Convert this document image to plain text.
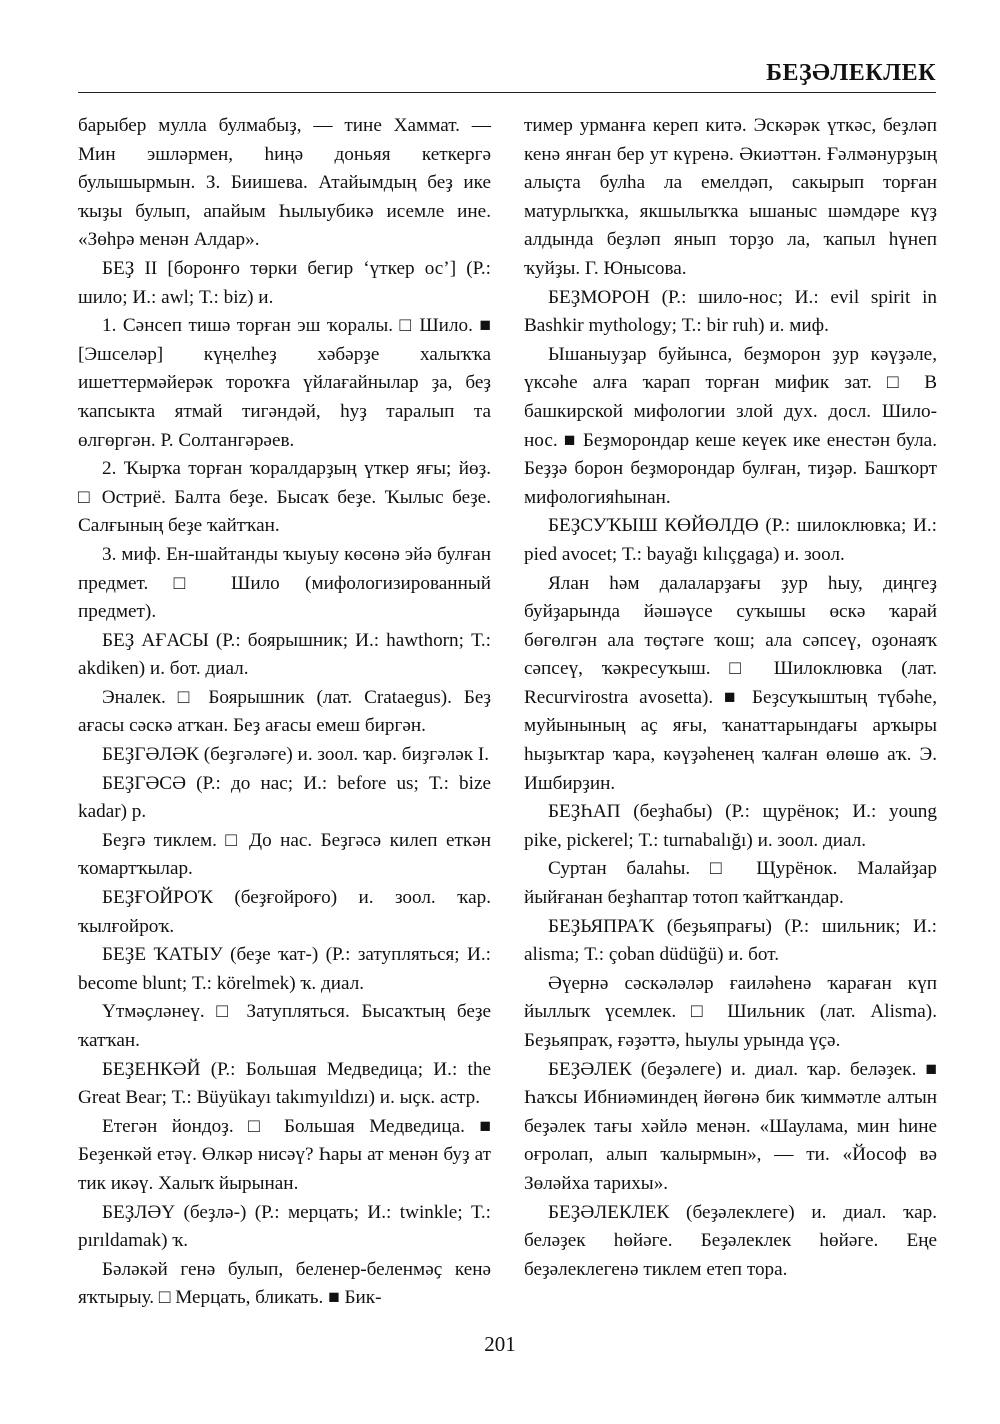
БЕҘӘЛЕКЛЕК

барыбер мулла булмабыҙ, — тине Хаммат. — Мин эшләрмен, һиңә доньяя кеткергә булышырмын. З. Биишева. Атайымдың беҙ ике ҡыҙы булып, апайым Һылыубикә исемле ине. «Зөһрә менән Алдар».

БЕҘ II [боронғо төрки бегир ‘үткер ос’] (Р.: шило; И.: awl; Т.: biz) и.

1. Сәнсеп тишә торған эш ҡоралы. □ Шило. ■ [Эшселәр] күңелһеҙ хәбәрҙе халыҡҡа ишеттермәйерәк тороҡға үйлағайнылар ҙа, беҙ ҡапсыкта ятмай тигәндәй, һуҙ таралып та өлгөргән. Р. Солтангәрәев.

2. Ҡырҡа торған ҡоралдарҙың үткер яғы; йөҙ. □ Остриё. Балта беҙе. Бысаҡ беҙе. Ҡылыс беҙе. Салғының беҙе ҡайтҡан.

3. миф. Ен-шайтанды ҡыуыу көсөнә эйә булған предмет. □ Шило (мифологизированный предмет).

БЕҘ АҒАСЫ (Р.: боярышник; И.: hawthorn; Т.: akdiken) и. бот. диал.

Эналек. □ Боярышник (лат. Crataegus). Беҙ ағасы сәскә атҡан. Беҙ ағасы емеш биргән.

БЕҘГӘЛӘК (беҙгәләге) и. зоол. ҡар. биҙгәләк I.

БЕҘГӘСӘ (Р.: до нас; И.: before us; Т.: bize kadar) р.

Беҙгә тиклем. □ До нас. Беҙгәсә килеп еткән ҡомартҡылар.

БЕҘҒОЙРОҠ (беҙғойроғо) и. зоол. ҡар. ҡылғойроҡ.

БЕҘЕ ҠАТЫУ (беҙе ҡат-) (Р.: затупляться; И.: become blunt; Т.: körelmek) ҡ. диал.

Үтмәҫләнеү. □ Затупляться. Бысаҡтың беҙе ҡатҡан.

БЕҘЕНКӘЙ (Р.: Большая Медведица; И.: the Great Bear; Т.: Büyükayı takımyıldızı) и. ыҫк. астр.

Етегән йондоҙ. □ Большая Медведица. ■ Беҙенкәй етәү. Өлкәр нисәү? Һары ат менән буҙ ат тик икәү. Халыҡ йырынан.

БЕҘЛӘҮ (беҙлә-) (Р.: мерцать; И.: twinkle; Т.: pırıldamak) ҡ.

Бәләкәй генә булып, беленер-беленмәҫ кенә яҡтырыу. □ Мерцать, бликать. ■ Бик-

тимер урманға кереп китә. Эскәрәк үткәс, беҙләп кенә янған бер ут күренә. Әкиәттән. Ғәлмәнурҙың алыҫта булһа ла емелдәп, сакырып торған матурлыҡҡа, якшылыҡҡа ышаныс шәмдәре күҙ алдында беҙләп янып торҙо ла, ҡапыл һүнеп ҡуйҙы. Г. Юнысова.

БЕҘМОРОН (Р.: шило-нос; И.: evil spirit in Bashkir mythology; Т.: bir ruh) и. миф.

Ышаныуҙар буйынса, беҙморон ҙур кәүҙәле, үксәһе алға ҡарап торған мифик зат. □ В башкирской мифологии злой дух. досл. Шило-нос. ■ Беҙморондар кеше кеүек ике енестән була. Беҙҙә борон беҙморондар булған, тиҙәр. Башҡорт мифологияһынан.

БЕҘСУҠЫШ КӨЙӨЛДӨ (Р.: шилоклювка; И.: pied avocet; Т.: bayağı kılıçgaga) и. зоол.

Ялан һәм далаларҙағы ҙур һыу, диңгеҙ буйҙарында йәшәүсе суҡышы өскә ҡарай бөгөлгән ала төҫтәге ҡош; ала сәпсеү, оҙонаяҡ сәпсеү, ҡәкресуҡыш. □ Шилоклювка (лат. Recurvirostra avosetta). ■ Беҙсуҡыштың түбәһе, муйынының аҫ яғы, ҡанаттарындағы арҡыры һыҙыҡтар ҡара, кәүҙәһенең ҡалған өлөшө аҡ. Э. Ишбирҙин.

БЕҘҺАП (беҙһабы) (Р.: щурёнок; И.: young pike, pickerel; Т.: turnabalığı) и. зоол. диал.

Суртан балаһы. □ Щурёнок. Малайҙар йыйғанан беҙһаптар тотоп ҡайтҡандар.

БЕҘЬЯПРАҠ (беҙьяпрағы) (Р.: шильник; И.: alisma; Т.: çoban düdüğü) и. бот.

Әүернә сәскәләләр ғаиләһенә ҡараған күп йыллыҡ үсемлек. □ Шильник (лат. Alisma). Беҙьяпраҡ, ғәҙәттә, һыулы урында үҫә.

БЕҘӘЛЕК (беҙәлеге) и. диал. ҡар. беләҙек. ■ Һаҡсы Ибниәминдең йөгөнә бик ҡиммәтле алтын беҙәлек тағы хәйлә менән. «Шаулама, мин һине оғролап, алып ҡалырмын», — ти. «Йософ вә Зөләйха тарихы».

БЕҘӘЛЕКЛЕК (беҙәлеклеге) и. диал. ҡар. беләҙек һөйәге. Беҙәлеклек һөйәге. Еңе беҙәлеклегенә тиклем етеп тора.

201
